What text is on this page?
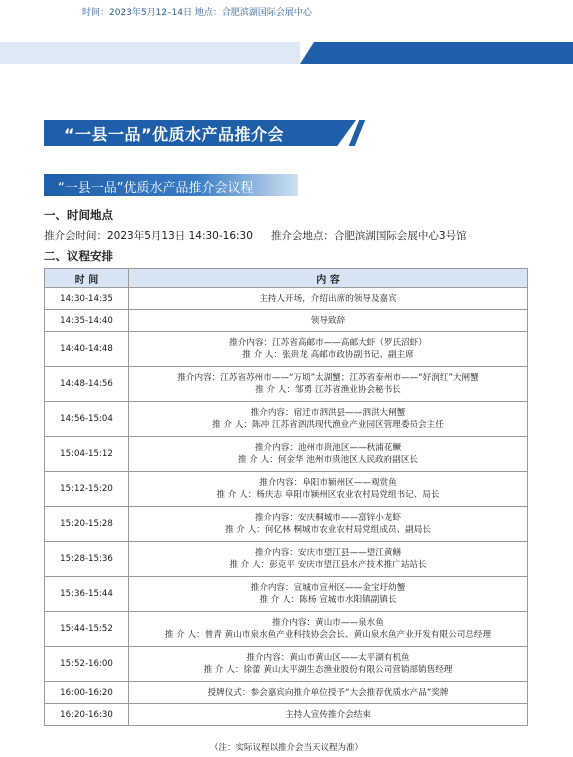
时间：2023年5月12–14日 地点：合肥滨湖国际会展中心	第六届中国国际现代渔业暨渔业科技博览会
“一县一品”优质水产品推介会
“一县一品”优质水产品推介会议程
一、时间地点
推介会时间：2023年5月13日 14:30-16:30 推介会地点：合肥滨湖国际会展中心3号馆
二、议程安排
时 间	内 容
14:30-14:35	主持人开场，介绍出席的领导及嘉宾

14:35-14:40	领导致辞

14:40-14:48	推介内容：江苏省高邮市——高邮大虾（罗氏沼虾）
推 介 人：张贵龙 高邮市政协副书记、副主席

14:48-14:56	推介内容：江苏省苏州市——“万顷”太湖蟹；江苏省泰州市——“好润红”大闸蟹
推 介 人：邹勇 江苏省渔业协会秘书长

14:56-15:04	推介内容：宿迁市泗洪县——泗洪大闸蟹
推 介 人：陈冲 江苏省泗洪现代渔业产业园区管理委员会主任

15:04-15:12	推介内容：池州市贵池区——秋浦花鳜
推 介 人：何金华 池州市贵池区人民政府副区长

15:12-15:20	推介内容：阜阳市颍州区——观赏鱼
推 介 人：杨庆志 阜阳市颍州区农业农村局党组书记、局长

15:20-15:28	推介内容：安庆桐城市——富锌小龙虾
推 介 人：何亿林 桐城市农业农村局党组成员、副局长

15:28-15:36	推介内容：安庆市望江县——望江黄鳝
推 介 人：彭克平 安庆市望江县水产技术推广站站长

15:36-15:44	推介内容：宣城市宣州区——金宝圩幼蟹
推 介 人：陈杨 宣城市水阳镇副镇长

15:44-15:52	推介内容：黄山市——泉水鱼
推 介 人：曾青 黄山市泉水鱼产业科技协会会长、黄山泉水鱼产业开发有限公司总经理

15:52-16:00	推介内容：黄山市黄山区——太平湖有机鱼
推 介 人：徐蕾 黄山太平湖生态渔业股份有限公司营销部销售经理

16:00-16:20	授牌仪式：参会嘉宾向推介单位授予“大会推荐优质水产品”奖牌

16:20-16:30	主持人宣传推介会结束
（注：实际议程以推介会当天议程为准）
